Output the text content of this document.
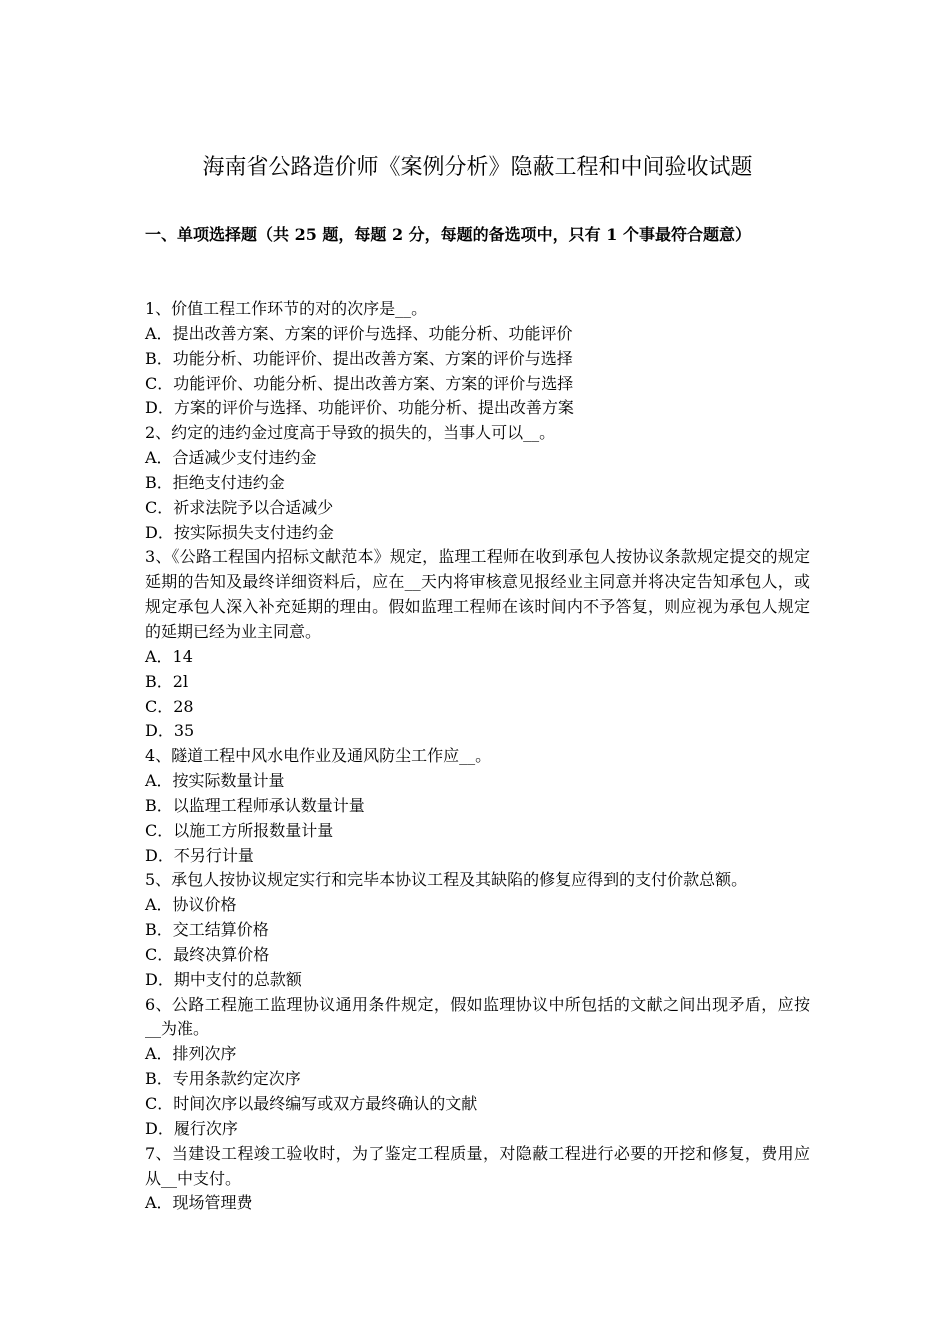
海南省公路造价师《案例分析》隐蔽工程和中间验收试题
一、单项选择题（共 25 题，每题 2 分，每题的备选项中，只有 1 个事最符合题意）

1、价值工程工作环节的对的次序是__。

A．提出改善方案、方案的评价与选择、功能分析、功能评价

B．功能分析、功能评价、提出改善方案、方案的评价与选择

C．功能评价、功能分析、提出改善方案、方案的评价与选择

D．方案的评价与选择、功能评价、功能分析、提出改善方案

2、约定的违约金过度高于导致的损失的，当事人可以__。

A．合适减少支付违约金

B．拒绝支付违约金

C．祈求法院予以合适减少

D．按实际损失支付违约金

3、《公路工程国内招标文献范本》规定，监理工程师在收到承包人按协议条款规定提交的规定延期的告知及最终详细资料后，应在__天内将审核意见报经业主同意并将决定告知承包人，或规定承包人深入补充延期的理由。假如监理工程师在该时间内不予答复，则应视为承包人规定的延期已经为业主同意。

A．14

B．2l

C．28

D．35

4、隧道工程中风水电作业及通风防尘工作应__。

A．按实际数量计量

B．以监理工程师承认数量计量

C．以施工方所报数量计量

D．不另行计量

5、承包人按协议规定实行和完毕本协议工程及其缺陷的修复应得到的支付价款总额。

A．协议价格

B．交工结算价格

C．最终决算价格

D．期中支付的总款额

6、公路工程施工监理协议通用条件规定，假如监理协议中所包括的文献之间出现矛盾，应按__为准。

A．排列次序

B．专用条款约定次序

C．时间次序以最终编写或双方最终确认的文献

D．履行次序

7、当建设工程竣工验收时，为了鉴定工程质量，对隐蔽工程进行必要的开挖和修复，费用应从__中支付。

A．现场管理费
